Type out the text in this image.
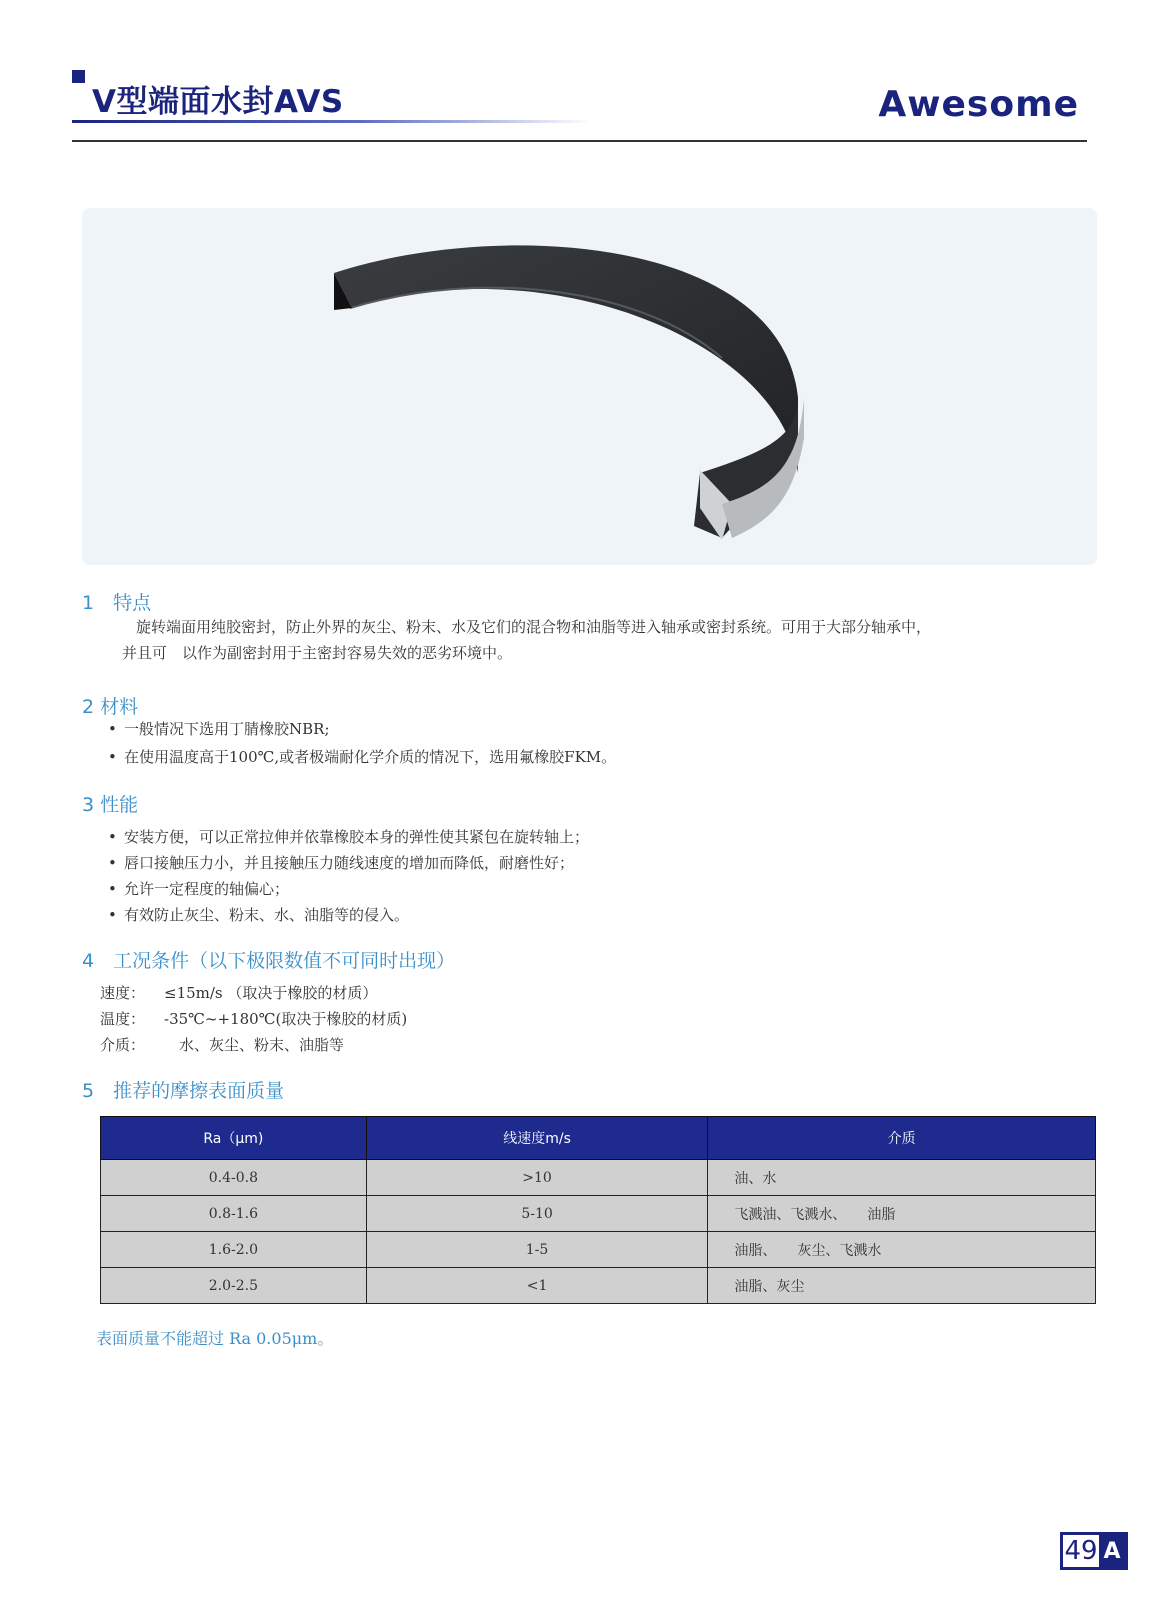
V型端面水封AVS	Awesome
1　特点
旋转端面用纯胶密封，防止外界的灰尘、粉末、水及它们的混合物和油脂等进入轴承或密封系统。可用于大部分轴承中，
并且可　以作为副密封用于主密封容易失效的恶劣环境中。
2 材料
• 一般情况下选用丁腈橡胶NBR;
• 在使用温度高于100℃,或者极端耐化学介质的情况下，选用氟橡胶FKM。
3 性能
• 安装方便，可以正常拉伸并依靠橡胶本身的弹性使其紧包在旋转轴上；
• 唇口接触压力小，并且接触压力随线速度的增加而降低，耐磨性好；
• 允许一定程度的轴偏心；
• 有效防止灰尘、粉末、水、油脂等的侵入。
4　工况条件（以下极限数值不可同时出现）
速度： ≤15m/s （取决于橡胶的材质）
温度： -35℃~+180℃(取决于橡胶的材质)
介质：　水、灰尘、粉末、油脂等
5　推荐的摩擦表面质量
Ra（μm)	线速度m/s	介质
0.4-0.8	>10	油、水
0.8-1.6	5-10	飞溅油、飞溅水、　　油脂
1.6-2.0	1-5	油脂、　　灰尘、飞溅水
2.0-2.5	<1	油脂、灰尘
表面质量不能超过 Ra 0.05μm。
49 A
